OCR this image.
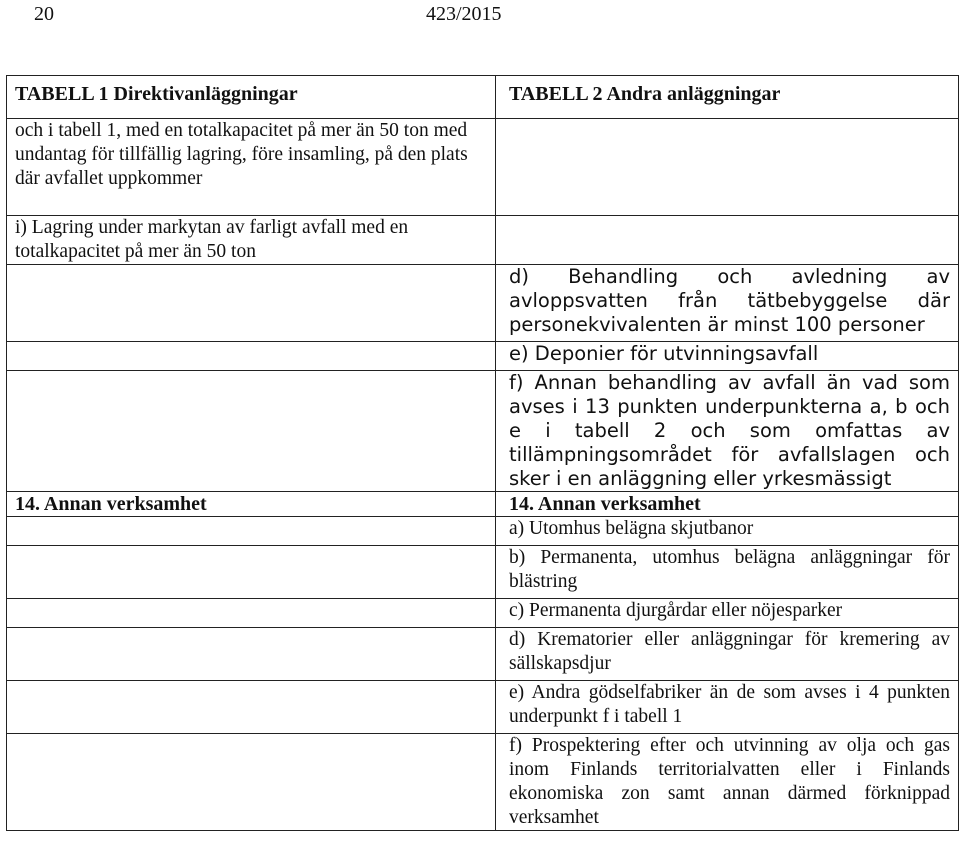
20	423/2015
TABELL 1 Direktivanläggningar	TABELL 2 Andra anläggningar
och i tabell 1, med en totalkapacitet på mer än 50 ton med undantag för tillfällig lagring, före insamling, på den plats där avfallet uppkommer	
i) Lagring under markytan av farligt avfall med en totalkapacitet på mer än 50 ton	
	d) Behandling och avledning av avloppsvatten från tätbebyggelse där personekvivalenten är minst 100 personer
	e) Deponier för utvinningsavfall
	f) Annan behandling av avfall än vad som avses i 13 punkten underpunkterna a, b och e i tabell 2 och som omfattas av tillämpningsområdet för avfallslagen och sker i en anläggning eller yrkesmässigt
14. Annan verksamhet	14. Annan verksamhet
	a) Utomhus belägna skjutbanor
	b) Permanenta, utomhus belägna anläggningar för blästring
	c) Permanenta djurgårdar eller nöjesparker
	d) Krematorier eller anläggningar för kremering av sällskapsdjur
	e) Andra gödselfabriker än de som avses i 4 punkten underpunkt f i tabell 1
	f) Prospektering efter och utvinning av olja och gas inom Finlands territorialvatten eller i Finlands ekonomiska zon samt annan därmed förknippad verksamhet
